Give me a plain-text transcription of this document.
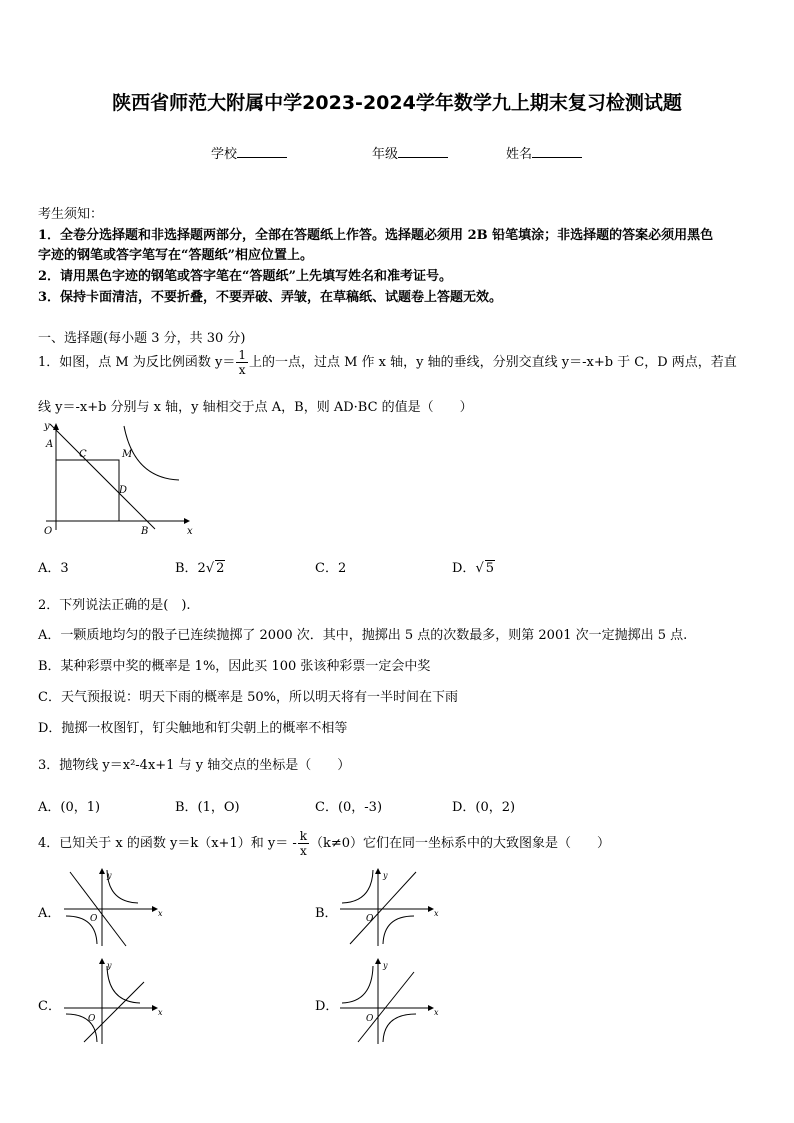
陕西省师范大附属中学2023-2024学年数学九上期末复习检测试题
学校	年级	姓名
考生须知：
1．全卷分选择题和非选择题两部分，全部在答题纸上作答。选择题必须用 2B 铅笔填涂；非选择题的答案必须用黑色
字迹的钢笔或答字笔写在“答题纸”相应位置上。
2．请用黑色字迹的钢笔或答字笔在“答题纸”上先填写姓名和准考证号。
3．保持卡面清洁，不要折叠，不要弄破、弄皱，在草稿纸、试题卷上答题无效。
一、选择题(每小题 3 分，共 30 分)
1．如图，点 M 为反比例函数 $y= \frac{1}{x}$ 上的一点，过点 M 作 x 轴，y 轴的垂线，分别交直线 y＝-x+b 于 C，D 两点，若直
线 y＝-x+b 分别与 x 轴，y 轴相交于点 A，B，则 AD·BC 的值是（　　）
y
x
A
C	M
D
O	B
A．3	B．2√ 2	C．2	D．√ 5
2．下列说法正确的是(　).
A．一颗质地均匀的骰子已连续抛掷了 2000 次．其中，抛掷出 5 点的次数最多，则第 2001 次一定抛掷出 5 点.
B．某种彩票中奖的概率是 1%，因此买 100 张该种彩票一定会中奖
C．天气预报说：明天下雨的概率是 50%，所以明天将有一半时间在下雨
D．抛掷一枚图钉，钉尖触地和钉尖朝上的概率不相等
3．抛物线 y＝x²-4x+1 与 y 轴交点的坐标是（　　）
A．(0，1)	B．(1，O)	C．(0，-3)	D．(0，2)
4．已知关于 x 的函数 y＝k（x+1）和 $y= - \frac{k}{x} (k\ne 0)$它们在同一坐标系中的大致图象是（　　）
A．
y
x
O	B．
y
x
O
C．
y
x
O
D．
y
x
O
